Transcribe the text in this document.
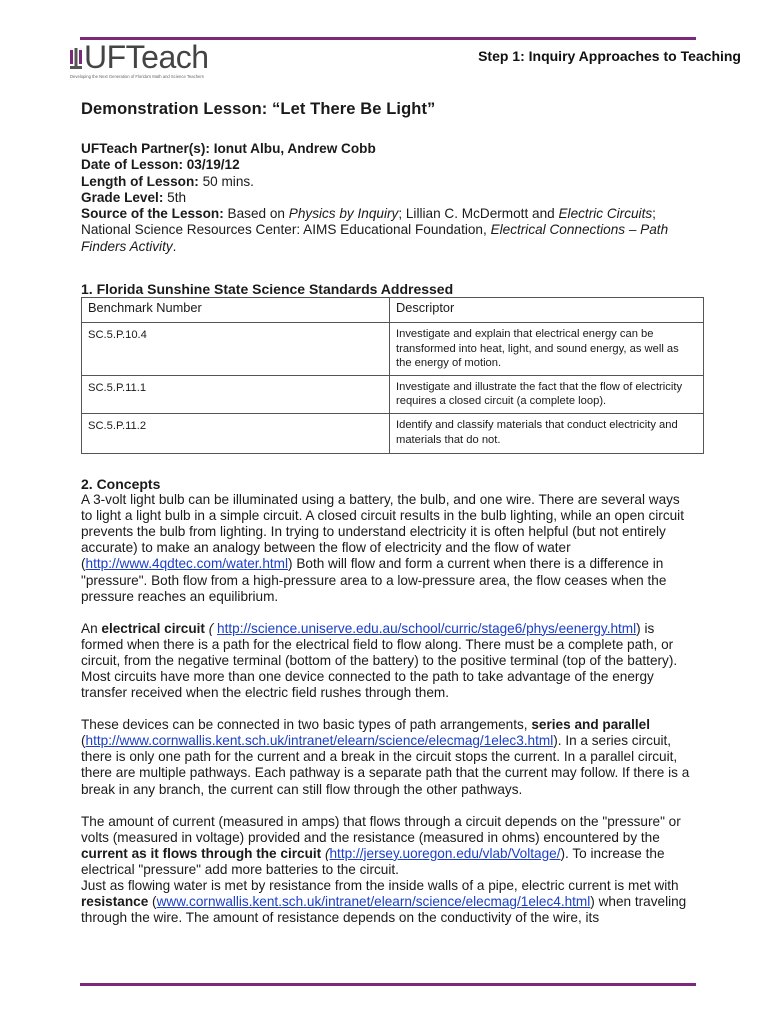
UFTeach
Developing the Next Generation of Florida's Math and Science Teachers
Step 1: Inquiry Approaches to Teaching
Demonstration Lesson: “Let There Be Light”

UFTeach Partner(s): Ionut Albu, Andrew Cobb

Date of Lesson: 03/19/12

Length of Lesson: 50 mins.

Grade Level: 5th

Source of the Lesson: Based on Physics by Inquiry; Lillian C. McDermott and Electric Circuits; National Science Resources Center: AIMS Educational Foundation, Electrical Connections – Path Finders Activity.

1. Florida Sunshine State Science Standards Addressed
Benchmark Number	Descriptor
SC.5.P.10.4	Investigate and explain that electrical energy can be transformed into heat, light, and sound energy, as well as the energy of motion.
SC.5.P.11.1	Investigate and illustrate the fact that the flow of electricity requires a closed circuit (a complete loop).
SC.5.P.11.2	Identify and classify materials that conduct electricity and materials that do not.
2. Concepts

A 3-volt light bulb can be illuminated using a battery, the bulb, and one wire. There are several ways to light a light bulb in a simple circuit. A closed circuit results in the bulb lighting, while an open circuit prevents the bulb from lighting. In trying to understand electricity it is often helpful (but not entirely accurate) to make an analogy between the flow of electricity and the flow of water (http://www.4qdtec.com/water.html) Both will flow and form a current when there is a difference in "pressure". Both flow from a high-pressure area to a low-pressure area, the flow ceases when the pressure reaches an equilibrium.

An electrical circuit ( http://science.uniserve.edu.au/school/curric/stage6/phys/eenergy.html) is formed when there is a path for the electrical field to flow along. There must be a complete path, or circuit, from the negative terminal (bottom of the battery) to the positive terminal (top of the battery). Most circuits have more than one device connected to the path to take advantage of the energy transfer received when the electric field rushes through them.

These devices can be connected in two basic types of path arrangements, series and parallel (http://www.cornwallis.kent.sch.uk/intranet/elearn/science/elecmag/1elec3.html). In a series circuit, there is only one path for the current and a break in the circuit stops the current. In a parallel circuit, there are multiple pathways. Each pathway is a separate path that the current may follow. If there is a break in any branch, the current can still flow through the other pathways.

The amount of current (measured in amps) that flows through a circuit depends on the "pressure" or volts (measured in voltage) provided and the resistance (measured in ohms) encountered by the current as it flows through the circuit (http://jersey.uoregon.edu/vlab/Voltage/). To increase the electrical "pressure" add more batteries to the circuit.

Just as flowing water is met by resistance from the inside walls of a pipe, electric current is met with resistance (www.cornwallis.kent.sch.uk/intranet/elearn/science/elecmag/1elec4.html) when traveling through the wire. The amount of resistance depends on the conductivity of the wire, its
